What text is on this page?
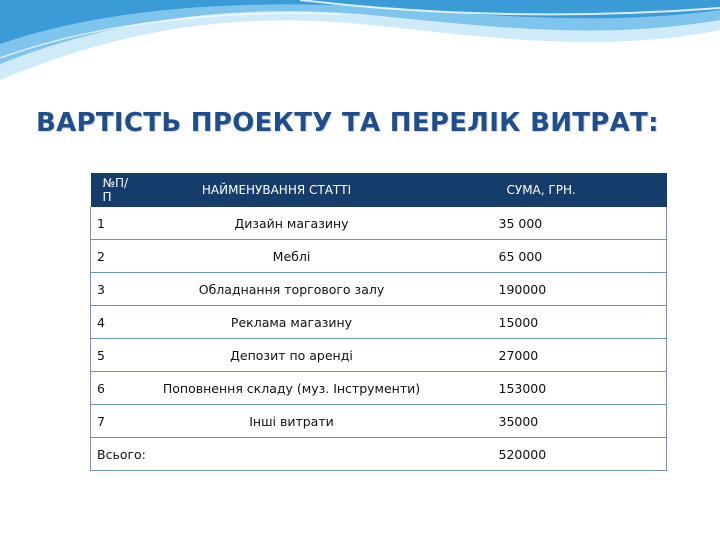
ВАРТІСТЬ ПРОЕКТУ ТА ПЕРЕЛІК ВИТРАТ:
№П/П	НАЙМЕНУВАННЯ СТАТТІ	СУМА, ГРН.

1	Дизайн магазину	35 000

2	Меблі	65 000

3	Обладнання торгового залу	190000

4	Реклама магазину	15000

5	Депозит по аренді	27000

6	Поповнення складу (муз. Інструменти)	153000

7	Інші витрати	35000

Всього:		520000
